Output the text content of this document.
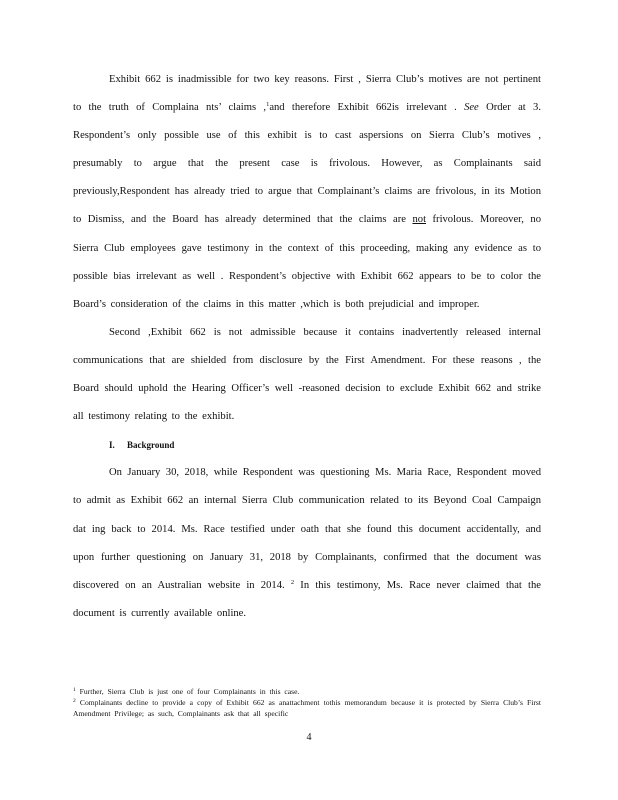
Exhibit 662 is inadmissible for two key reasons. First , Sierra Club’s motives are not pertinent to the truth of Complaina nts’ claims ,$^1$and therefore Exhibit 662is irrelevant . See Order at 3. Respondent’s only possible use of this exhibit is to cast aspersions on Sierra Club’s motives , presumably to argue that the present case is frivolous. However, as Complainants said previously,Respondent has already tried to argue that Complainant’s claims are frivolous, in its Motion to Dismiss, and the Board has already determined that the claims are not frivolous. Moreover, no Sierra Club employees gave testimony in the context of this proceeding, making any evidence as to possible bias irrelevant as well . Respondent’s objective with Exhibit 662 appears to be to color the Board’s consideration of the claims in this matter ,which is both prejudicial and improper.

Second ,Exhibit 662 is not admissible because it contains inadvertently released internal communications that are shielded from disclosure by the First Amendment. For these reasons , the Board should uphold the Hearing Officer’s well -reasoned decision to exclude Exhibit 662 and strike all testimony relating to the exhibit.

I. Background

On January 30, 2018, while Respondent was questioning Ms. Maria Race, Respondent moved to admit as Exhibit 662 an internal Sierra Club communication related to its Beyond Coal Campaign dat ing back to 2014. Ms. Race testified under oath that she found this document accidentally, and upon further questioning on January 31, 2018 by Complainants, confirmed that the document was discovered on an Australian website in 2014. $^2$ In this testimony, Ms. Race never claimed that the document is currently available online.

$^1$ Further, Sierra Club is just one of four Complainants in this case.

$^2$ Complainants decline to provide a copy of Exhibit 662 as anattachment tothis memorandum because it is protected by Sierra Club’s First Amendment Privilege; as such, Complainants ask that all specific

4
